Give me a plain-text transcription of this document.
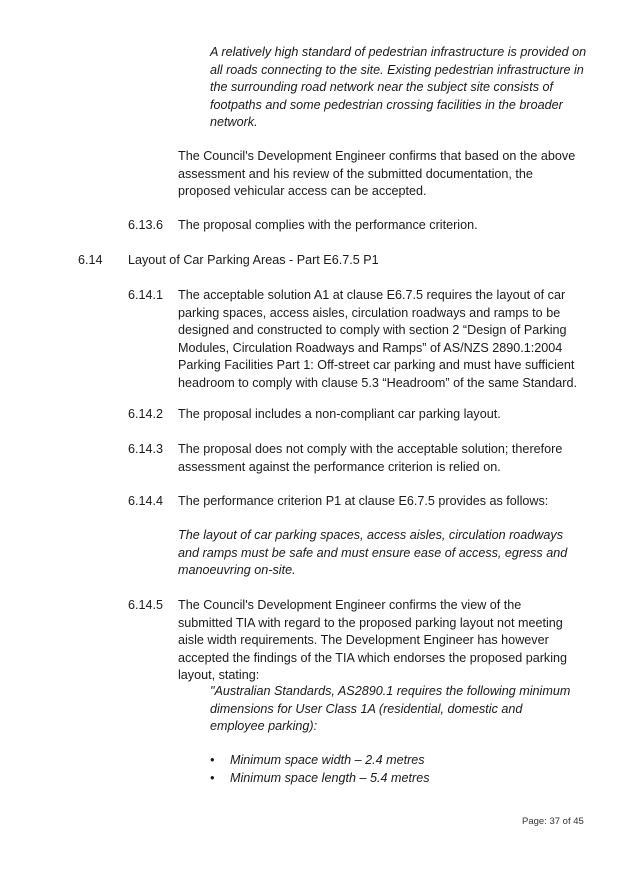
A relatively high standard of pedestrian infrastructure is provided on all roads connecting to the site. Existing pedestrian infrastructure in the surrounding road network near the subject site consists of footpaths and some pedestrian crossing facilities in the broader network.

The Council's Development Engineer confirms that based on the above assessment and his review of the submitted documentation, the proposed vehicular access can be accepted.

6.13.6 The proposal complies with the performance criterion.

6.14 Layout of Car Parking Areas - Part E6.7.5 P1

6.14.1 The acceptable solution A1 at clause E6.7.5 requires the layout of car parking spaces, access aisles, circulation roadways and ramps to be designed and constructed to comply with section 2 “Design of Parking Modules, Circulation Roadways and Ramps” of AS/NZS 2890.1:2004 Parking Facilities Part 1: Off-street car parking and must have sufficient headroom to comply with clause 5.3 “Headroom” of the same Standard.

6.14.2 The proposal includes a non-compliant car parking layout.

6.14.3 The proposal does not comply with the acceptable solution; therefore assessment against the performance criterion is relied on.

6.14.4 The performance criterion P1 at clause E6.7.5 provides as follows:

The layout of car parking spaces, access aisles, circulation roadways and ramps must be safe and must ensure ease of access, egress and manoeuvring on-site.

6.14.5 The Council's Development Engineer confirms the view of the submitted TIA with regard to the proposed parking layout not meeting aisle width requirements. The Development Engineer has however accepted the findings of the TIA which endorses the proposed parking layout, stating:

"Australian Standards, AS2890.1 requires the following minimum dimensions for User Class 1A (residential, domestic and employee parking):

• Minimum space width – 2.4 metres
• Minimum space length – 5.4 metres
Page: 37 of 45
